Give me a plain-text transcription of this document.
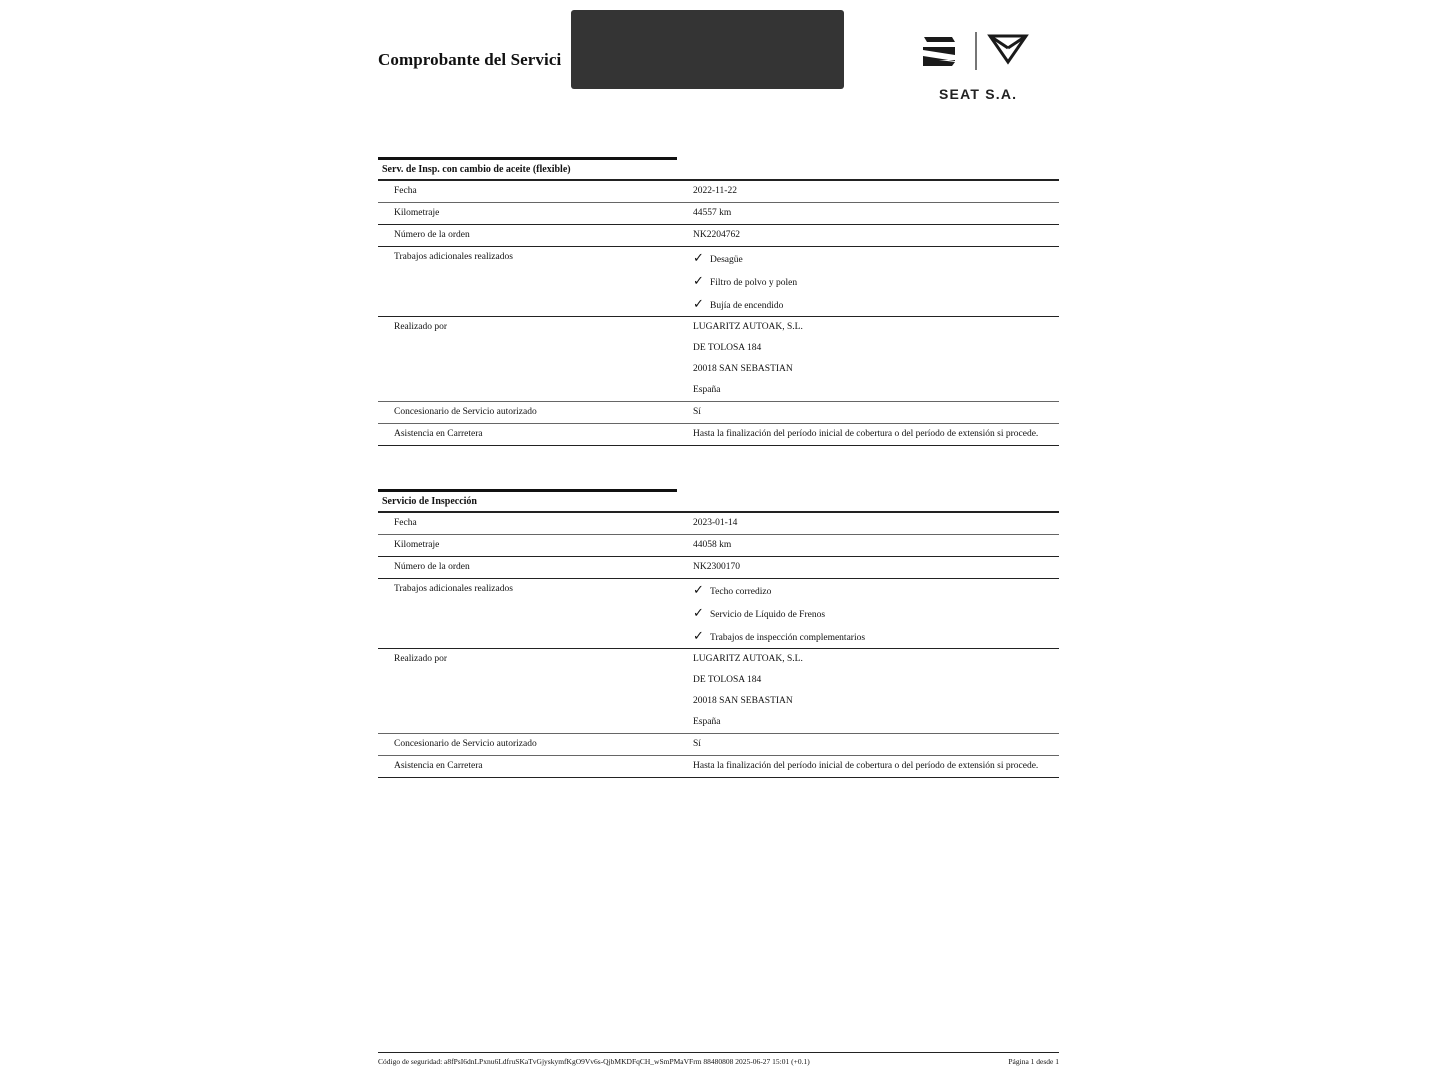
Comprobante del Servici
SEAT S.A.
Serv. de Insp. con cambio de aceite (flexible)
Fecha	2022-11-22
Kilometraje	44557 km
Número de la orden	NK2204762
Trabajos adicionales realizados	✓ Desagüe
✓ Filtro de polvo y polen
✓ Bujía de encendido
Realizado por	LUGARITZ AUTOAK, S.L.
DE TOLOSA 184
20018 SAN SEBASTIAN
España
Concesionario de Servicio autorizado	Sí
Asistencia en Carretera	Hasta la finalización del período inicial de cobertura o del período de extensión si procede.
Servicio de Inspección
Fecha	2023-01-14
Kilometraje	44058 km
Número de la orden	NK2300170
Trabajos adicionales realizados	✓ Techo corredizo
✓ Servicio de Líquido de Frenos
✓ Trabajos de inspección complementarios
Realizado por	LUGARITZ AUTOAK, S.L.
DE TOLOSA 184
20018 SAN SEBASTIAN
España
Concesionario de Servicio autorizado	Sí
Asistencia en Carretera	Hasta la finalización del período inicial de cobertura o del período de extensión si procede.
Código de seguridad: a8fPsI6dnLPxnu6LdfruSKaTvGjyskymfKgO9Vv6s-QjbMKDFqCH_wSmPMaVFrm 88480808 2025-06-27 15:01 (+0.1)	Página 1 desde 1
